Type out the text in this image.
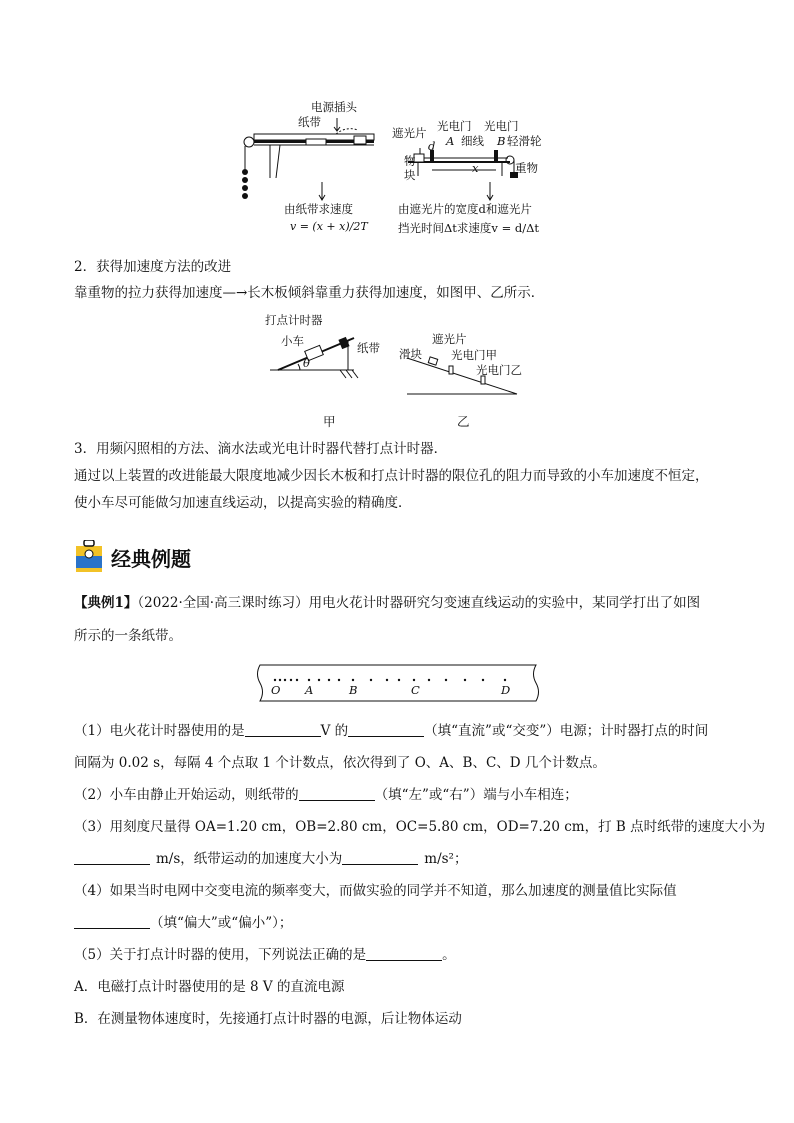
电源插头
纸带
由纸带求速度
v = (x + x)/2T
遮光片
d
光电门 光电门
A	B
物
块
细线 轻滑轮
x	重物
由遮光片的宽度d和遮光片
挡光时间Δt求速度v = d/Δt
2．获得加速度方法的改进
靠重物的拉力获得加速度—→长木板倾斜靠重力获得加速度，如图甲、乙所示．
打点计时器
小车	纸带
θ
甲
遮光片
滑块	光电门甲
光电门乙
乙
3．用频闪照相的方法、滴水法或光电计时器代替打点计时器．
通过以上装置的改进能最大限度地减少因长木板和打点计时器的限位孔的阻力而导致的小车加速度不恒定，
使小车尽可能做匀加速直线运动，以提高实验的精确度．
经典例题
【典例1】（2022·全国·高三课时练习）用电火花计时器研究匀变速直线运动的实验中，某同学打出了如图
所示的一条纸带。
O A	B	C	D
（1）电火花计时器使用的是	V 的	（填“直流”或“交变”）电源；计时器打点的时间
间隔为 0.02 s，每隔 4 个点取 1 个计数点，依次得到了 O、A、B、C、D 几个计数点。
（2）小车由静止开始运动，则纸带的	（填“左”或“右”）端与小车相连；
（3）用刻度尺量得 OA=1.20 cm，OB=2.80 cm，OC=5.80 cm，OD=7.20 cm，打 B 点时纸带的速度大小为
m/s，纸带运动的加速度大小为	m/s²；
（4）如果当时电网中交变电流的频率变大，而做实验的同学并不知道，那么加速度的测量值比实际值
（填“偏大”或“偏小”）；
（5）关于打点计时器的使用，下列说法正确的是	。
A．电磁打点计时器使用的是 8 V 的直流电源
B．在测量物体速度时，先接通打点计时器的电源，后让物体运动
